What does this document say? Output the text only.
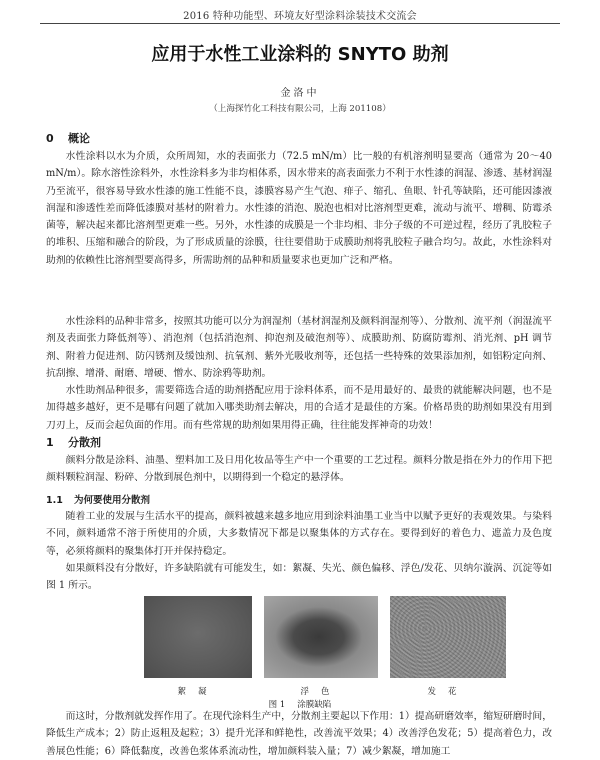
2016 特种功能型、环境友好型涂料涂装技术交流会
应用于水性工业涂料的 SNYTO 助剂
金洛中
（上海探竹化工科技有限公司，上海 201108）
0 概论

水性涂料以水为介质，众所周知，水的表面张力（72.5 mN/m）比一般的有机溶剂明显要高（通常为 20～40 mN/m）。除水溶性涂料外，水性涂料多为非均相体系，因水带来的高表面张力不利于水性漆的润湿、渗透、基材润湿乃至流平，很容易导致水性漆的施工性能不良，漆膜容易产生气泡、痱子、缩孔、鱼眼、针孔等缺陷，还可能因漆液润湿和渗透性差而降低漆膜对基材的附着力。水性漆的消泡、脱泡也相对比溶剂型更难，流动与流平、增稠、防霉杀菌等，解决起来都比溶剂型更难一些。另外，水性漆的成膜是一个非均相、非分子级的不可逆过程，经历了乳胶粒子的堆积、压缩和融合的阶段，为了形成质量的涂膜，往往要借助于成膜助剂将乳胶粒子融合均匀。故此，水性涂料对助剂的依赖性比溶剂型要高得多，所需助剂的品种和质量要求也更加广泛和严格。

水性涂料的品种非常多，按照其功能可以分为润湿剂（基材润湿剂及颜料润湿剂等）、分散剂、流平剂（润湿流平剂及表面张力降低剂等）、消泡剂（包括消泡剂、抑泡剂及破泡剂等）、成膜助剂、防腐防霉剂、消光剂、pH 调节剂、附着力促进剂、防闪锈剂及缓蚀剂、抗氧剂、紫外光吸收剂等，还包括一些特殊的效果添加剂，如铝粉定向剂、抗刮擦、增滑、耐磨、增硬、憎水、防涂鸦等助剂。

水性助剂品种很多，需要筛选合适的助剂搭配应用于涂料体系，而不是用最好的、最贵的就能解决问题，也不是加得越多越好，更不是哪有问题了就加入哪类助剂去解决，用的合适才是最佳的方案。价格昂贵的助剂如果没有用到刀刃上，反而会起负面的作用。而有些常规的助剂如果用得正确，往往能发挥神奇的功效！

1 分散剂

颜料分散是涂料、油墨、塑料加工及日用化妆品等生产中一个重要的工艺过程。颜料分散是指在外力的作用下把颜料颗粒润湿、粉碎、分散到展色剂中，以期得到一个稳定的悬浮体。

1.1 为何要使用分散剂

随着工业的发展与生活水平的提高，颜料被越来越多地应用到涂料油墨工业当中以赋予更好的表观效果。与染料不同，颜料通常不溶于所使用的介质，大多数情况下都是以聚集体的方式存在。要得到好的着色力、遮盖力及色度等，必须将颜料的聚集体打开并保持稳定。

如果颜料没有分散好，许多缺陷就有可能发生，如：絮凝、失光、颜色偏移、浮色/发花、贝纳尔漩涡、沉淀等如图 1 所示。

絮凝	浮色	发花
图 1 涂膜缺陷

而这时，分散剂就发挥作用了。在现代涂料生产中，分散剂主要起以下作用：1）提高研磨效率，缩短研磨时间，降低生产成本；2）防止返粗及起粒；3）提升光泽和鲜艳性，改善流平效果；4）改善浮色发花；5）提高着色力，改善展色性能；6）降低黏度，改善色浆体系流动性，增加颜料装入量；7）减少絮凝，增加施工
